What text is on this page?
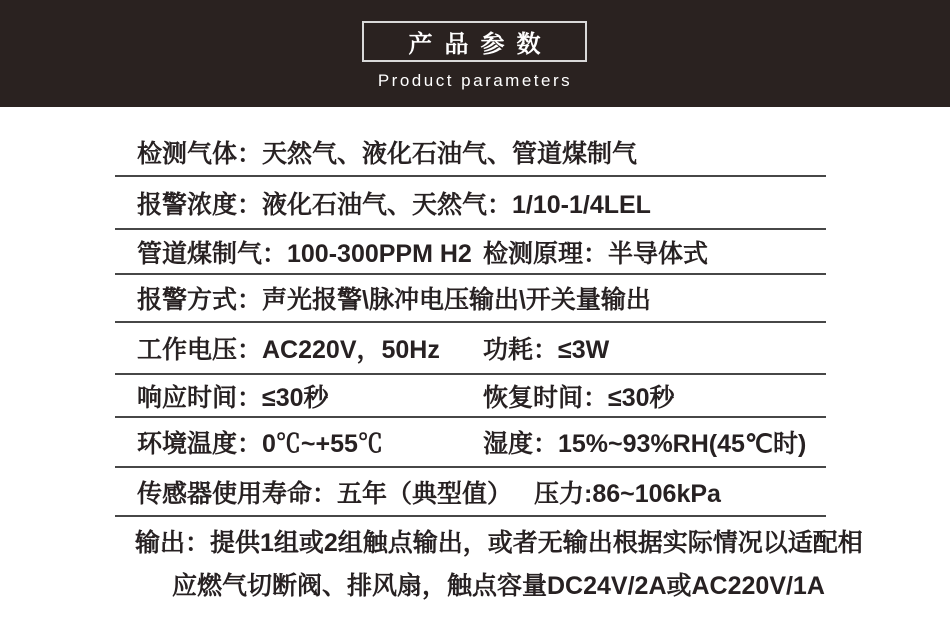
产品参数
Product parameters
检测气体：天然气、液化石油气、管道煤制气
报警浓度：液化石油气、天然气：1/10-1/4LEL
管道煤制气：100-300PPM H2 检测原理：半导体式
报警方式：声光报警\脉冲电压输出\开关量输出
工作电压：AC220V，50Hz 功耗：≤3W
响应时间：≤30秒	恢复时间：≤30秒
环境温度：0℃~+55℃	湿度：15%~93%RH(45℃时)
传感器使用寿命：五年（典型值） 压力:86~106kPa
输出：提供1组或2组触点输出，或者无输出根据实际情况以适配相
应燃气切断阀、排风扇，触点容量DC24V/2A或AC220V/1A
